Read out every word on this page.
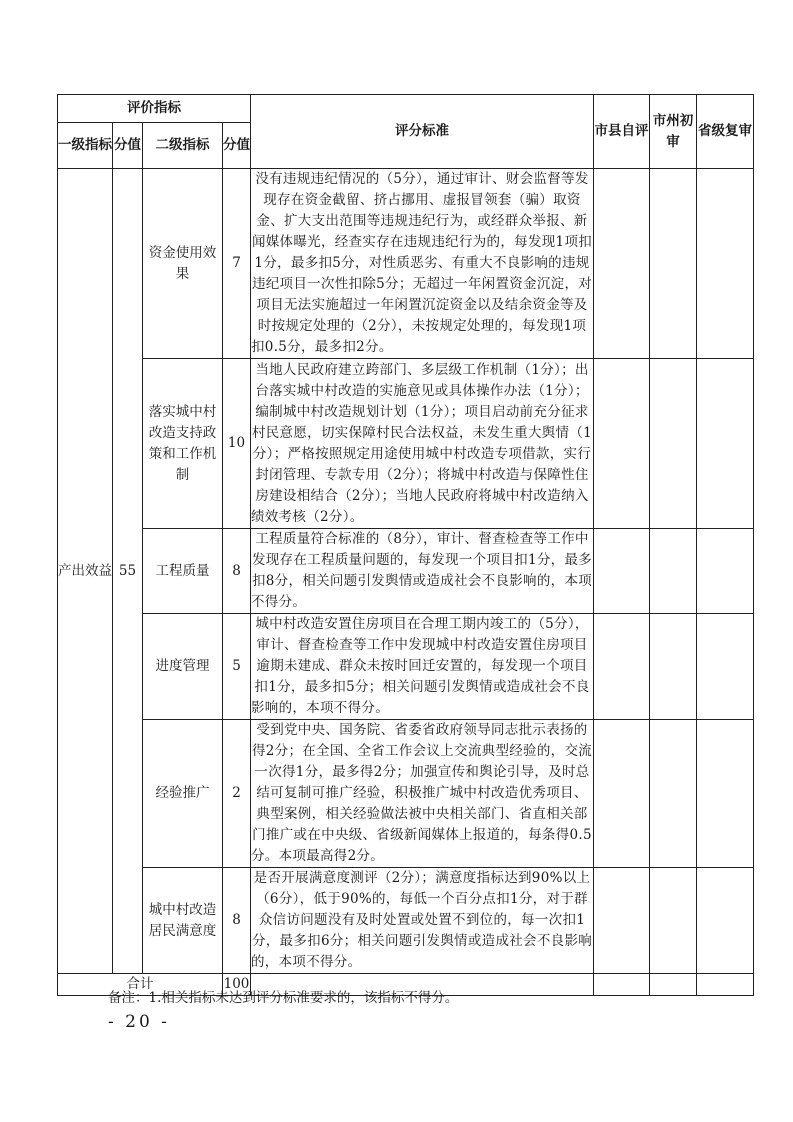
评价指标				评分标准	市县自评	市州初审	省级复审
一级指标	分值	二级指标	分值				
产出效益	55	资金使用效果	7	没有违规违纪情况的（5分），通过审计、财会监督等发现存在资金截留、挤占挪用、虚报冒领套（骗）取资金、扩大支出范围等违规违纪行为，或经群众举报、新闻媒体曝光，经查实存在违规违纪行为的，每发现1项扣1分，最多扣5分，对性质恶劣、有重大不良影响的违规违纪项目一次性扣除5分；无超过一年闲置资金沉淀，对项目无法实施超过一年闲置沉淀资金以及结余资金等及时按规定处理的（2分），未按规定处理的，每发现1项扣0.5分，最多扣2分。			
		落实城中村改造支持政策和工作机制	10	当地人民政府建立跨部门、多层级工作机制（1分）；出台落实城中村改造的实施意见或具体操作办法（1分）；编制城中村改造规划计划（1分）；项目启动前充分征求村民意愿，切实保障村民合法权益，未发生重大舆情（1分）；严格按照规定用途使用城中村改造专项借款，实行封闭管理、专款专用（2分）；将城中村改造与保障性住房建设相结合（2分）；当地人民政府将城中村改造纳入绩效考核（2分）。			
		工程质量	8	工程质量符合标准的（8分），审计、督查检查等工作中发现存在工程质量问题的，每发现一个项目扣1分，最多扣8分，相关问题引发舆情或造成社会不良影响的，本项不得分。			
		进度管理	5	城中村改造安置住房项目在合理工期内竣工的（5分），审计、督查检查等工作中发现城中村改造安置住房项目逾期未建成、群众未按时回迁安置的，每发现一个项目扣1分，最多扣5分；相关问题引发舆情或造成社会不良影响的，本项不得分。			
		经验推广	2	受到党中央、国务院、省委省政府领导同志批示表扬的得2分；在全国、全省工作会议上交流典型经验的，交流一次得1分，最多得2分；加强宣传和舆论引导，及时总结可复制可推广经验，积极推广城中村改造优秀项目、典型案例，相关经验做法被中央相关部门、省直相关部门推广或在中央级、省级新闻媒体上报道的，每条得0.5分。本项最高得2分。			
		城中村改造居民满意度	8	是否开展满意度测评（2分）；满意度指标达到90%以上（6分），低于90%的，每低一个百分点扣1分，对于群众信访问题没有及时处置或处置不到位的，每一次扣1分，最多扣6分；相关问题引发舆情或造成社会不良影响的，本项不得分。			
合计			100				
备注：1.相关指标未达到评分标准要求的，该指标不得分。
- 20 -
